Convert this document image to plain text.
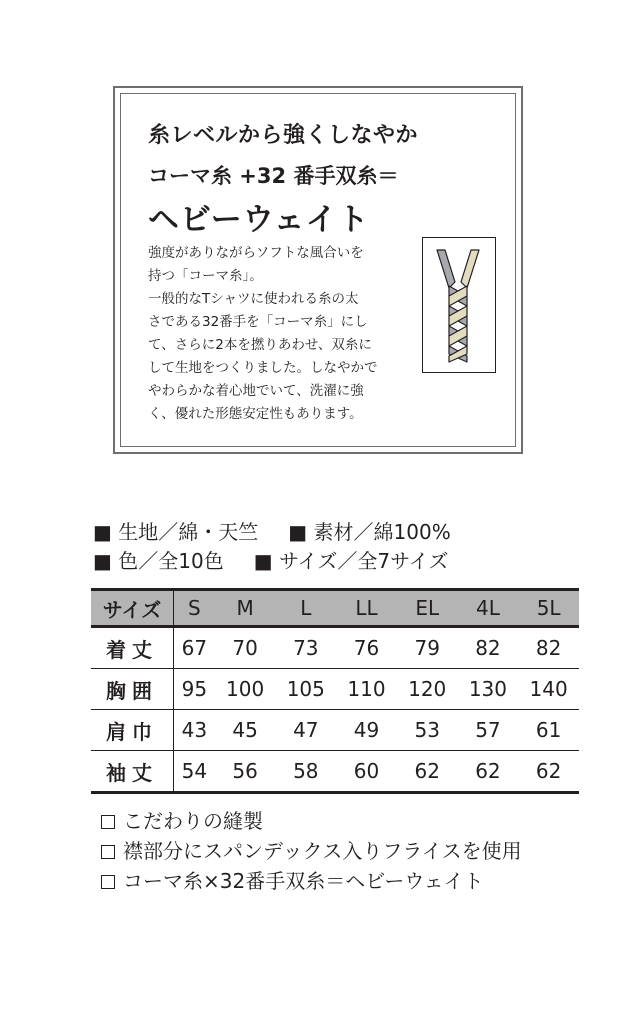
糸レベルから強くしなやか
コーマ糸 +32 番手双糸＝
ヘビーウェイト
強度がありながらソフトな風合いを
持つ「コーマ糸」。
一般的なTシャツに使われる糸の太
さである32番手を「コーマ糸」にし
て、さらに2本を撚りあわせ、双糸に
して生地をつくりました。しなやかで
やわらかな着心地でいて、洗濯に強
く、優れた形態安定性もあります。
■ 生地／綿・天竺 ■ 素材／綿100%
■ 色／全10色 ■ サイズ／全7サイズ
サイズ	S	M	L	LL	EL	4L	5L
着丈	67	70	73	76	79	82	82
胸囲	95	100	105	110	120	130	140
肩巾	43	45	47	49	53	57	61
袖丈	54	56	58	60	62	62	62
こだわりの縫製
襟部分にスパンデックス入りフライスを使用
コーマ糸×32番手双糸＝ヘビーウェイト
